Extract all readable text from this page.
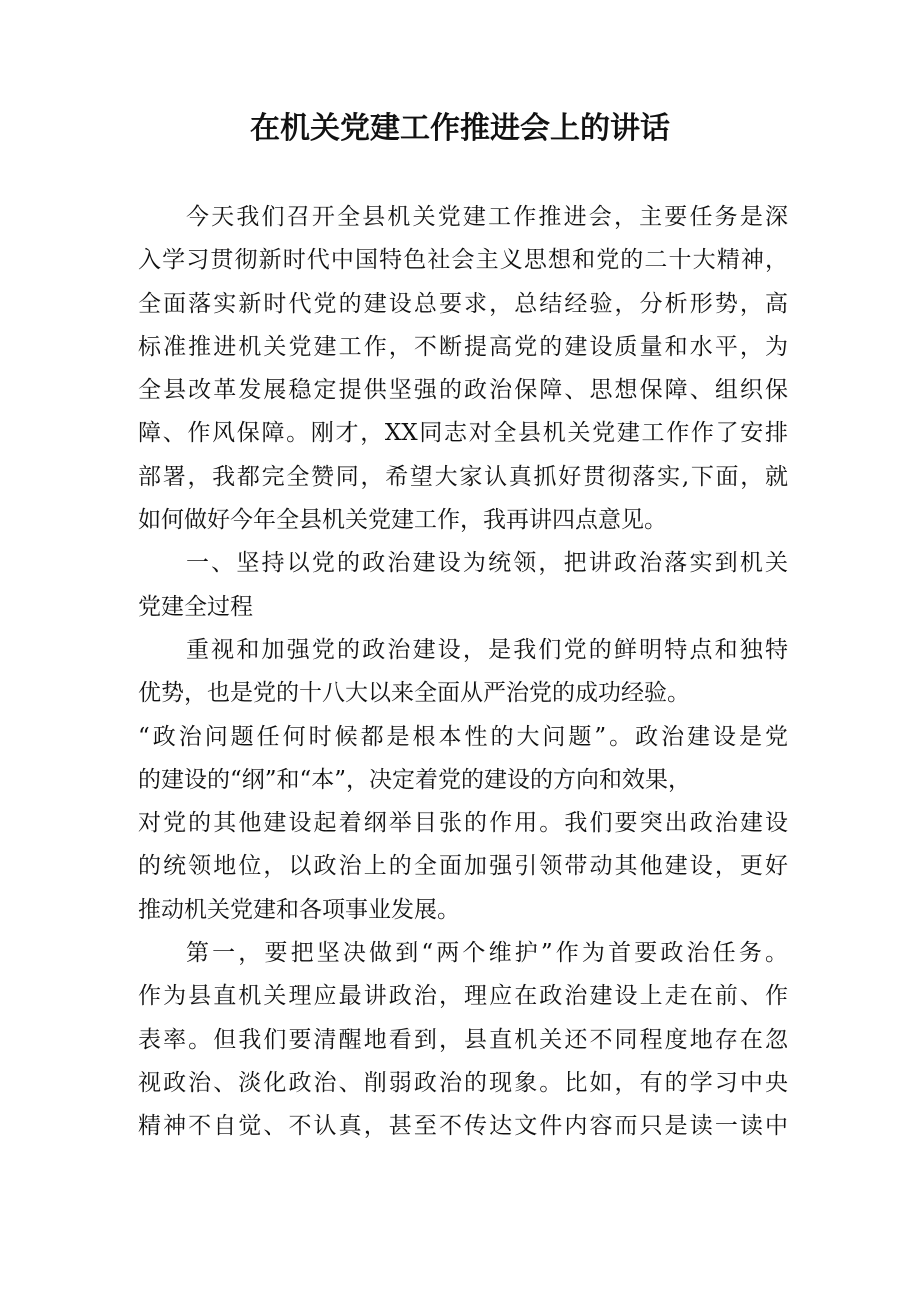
在机关党建工作推进会上的讲话
今天我们召开全县机关党建工作推进会，主要任务是深
入学习贯彻新时代中国特色社会主义思想和党的二十大精神，
全面落实新时代党的建设总要求，总结经验，分析形势，高
标准推进机关党建工作，不断提高党的建设质量和水平，为
全县改革发展稳定提供坚强的政治保障、思想保障、组织保
障、作风保障。刚才，XX同志对全县机关党建工作作了安排
部署，我都完全赞同，希望大家认真抓好贯彻落实,下面，就
如何做好今年全县机关党建工作，我再讲四点意见。
一、坚持以党的政治建设为统领，把讲政治落实到机关
党建全过程
重视和加强党的政治建设，是我们党的鲜明特点和独特
优势，也是党的十八大以来全面从严治党的成功经验。
“政治问题任何时候都是根本性的大问题”。政治建设是党
的建设的“纲”和“本”，决定着党的建设的方向和效果，
对党的其他建设起着纲举目张的作用。我们要突出政治建设
的统领地位，以政治上的全面加强引领带动其他建设，更好
推动机关党建和各项事业发展。
第一，要把坚决做到“两个维护”作为首要政治任务。
作为县直机关理应最讲政治，理应在政治建设上走在前、作
表率。但我们要清醒地看到，县直机关还不同程度地存在忽
视政治、淡化政治、削弱政治的现象。比如，有的学习中央
精神不自觉、不认真，甚至不传达文件内容而只是读一读中
